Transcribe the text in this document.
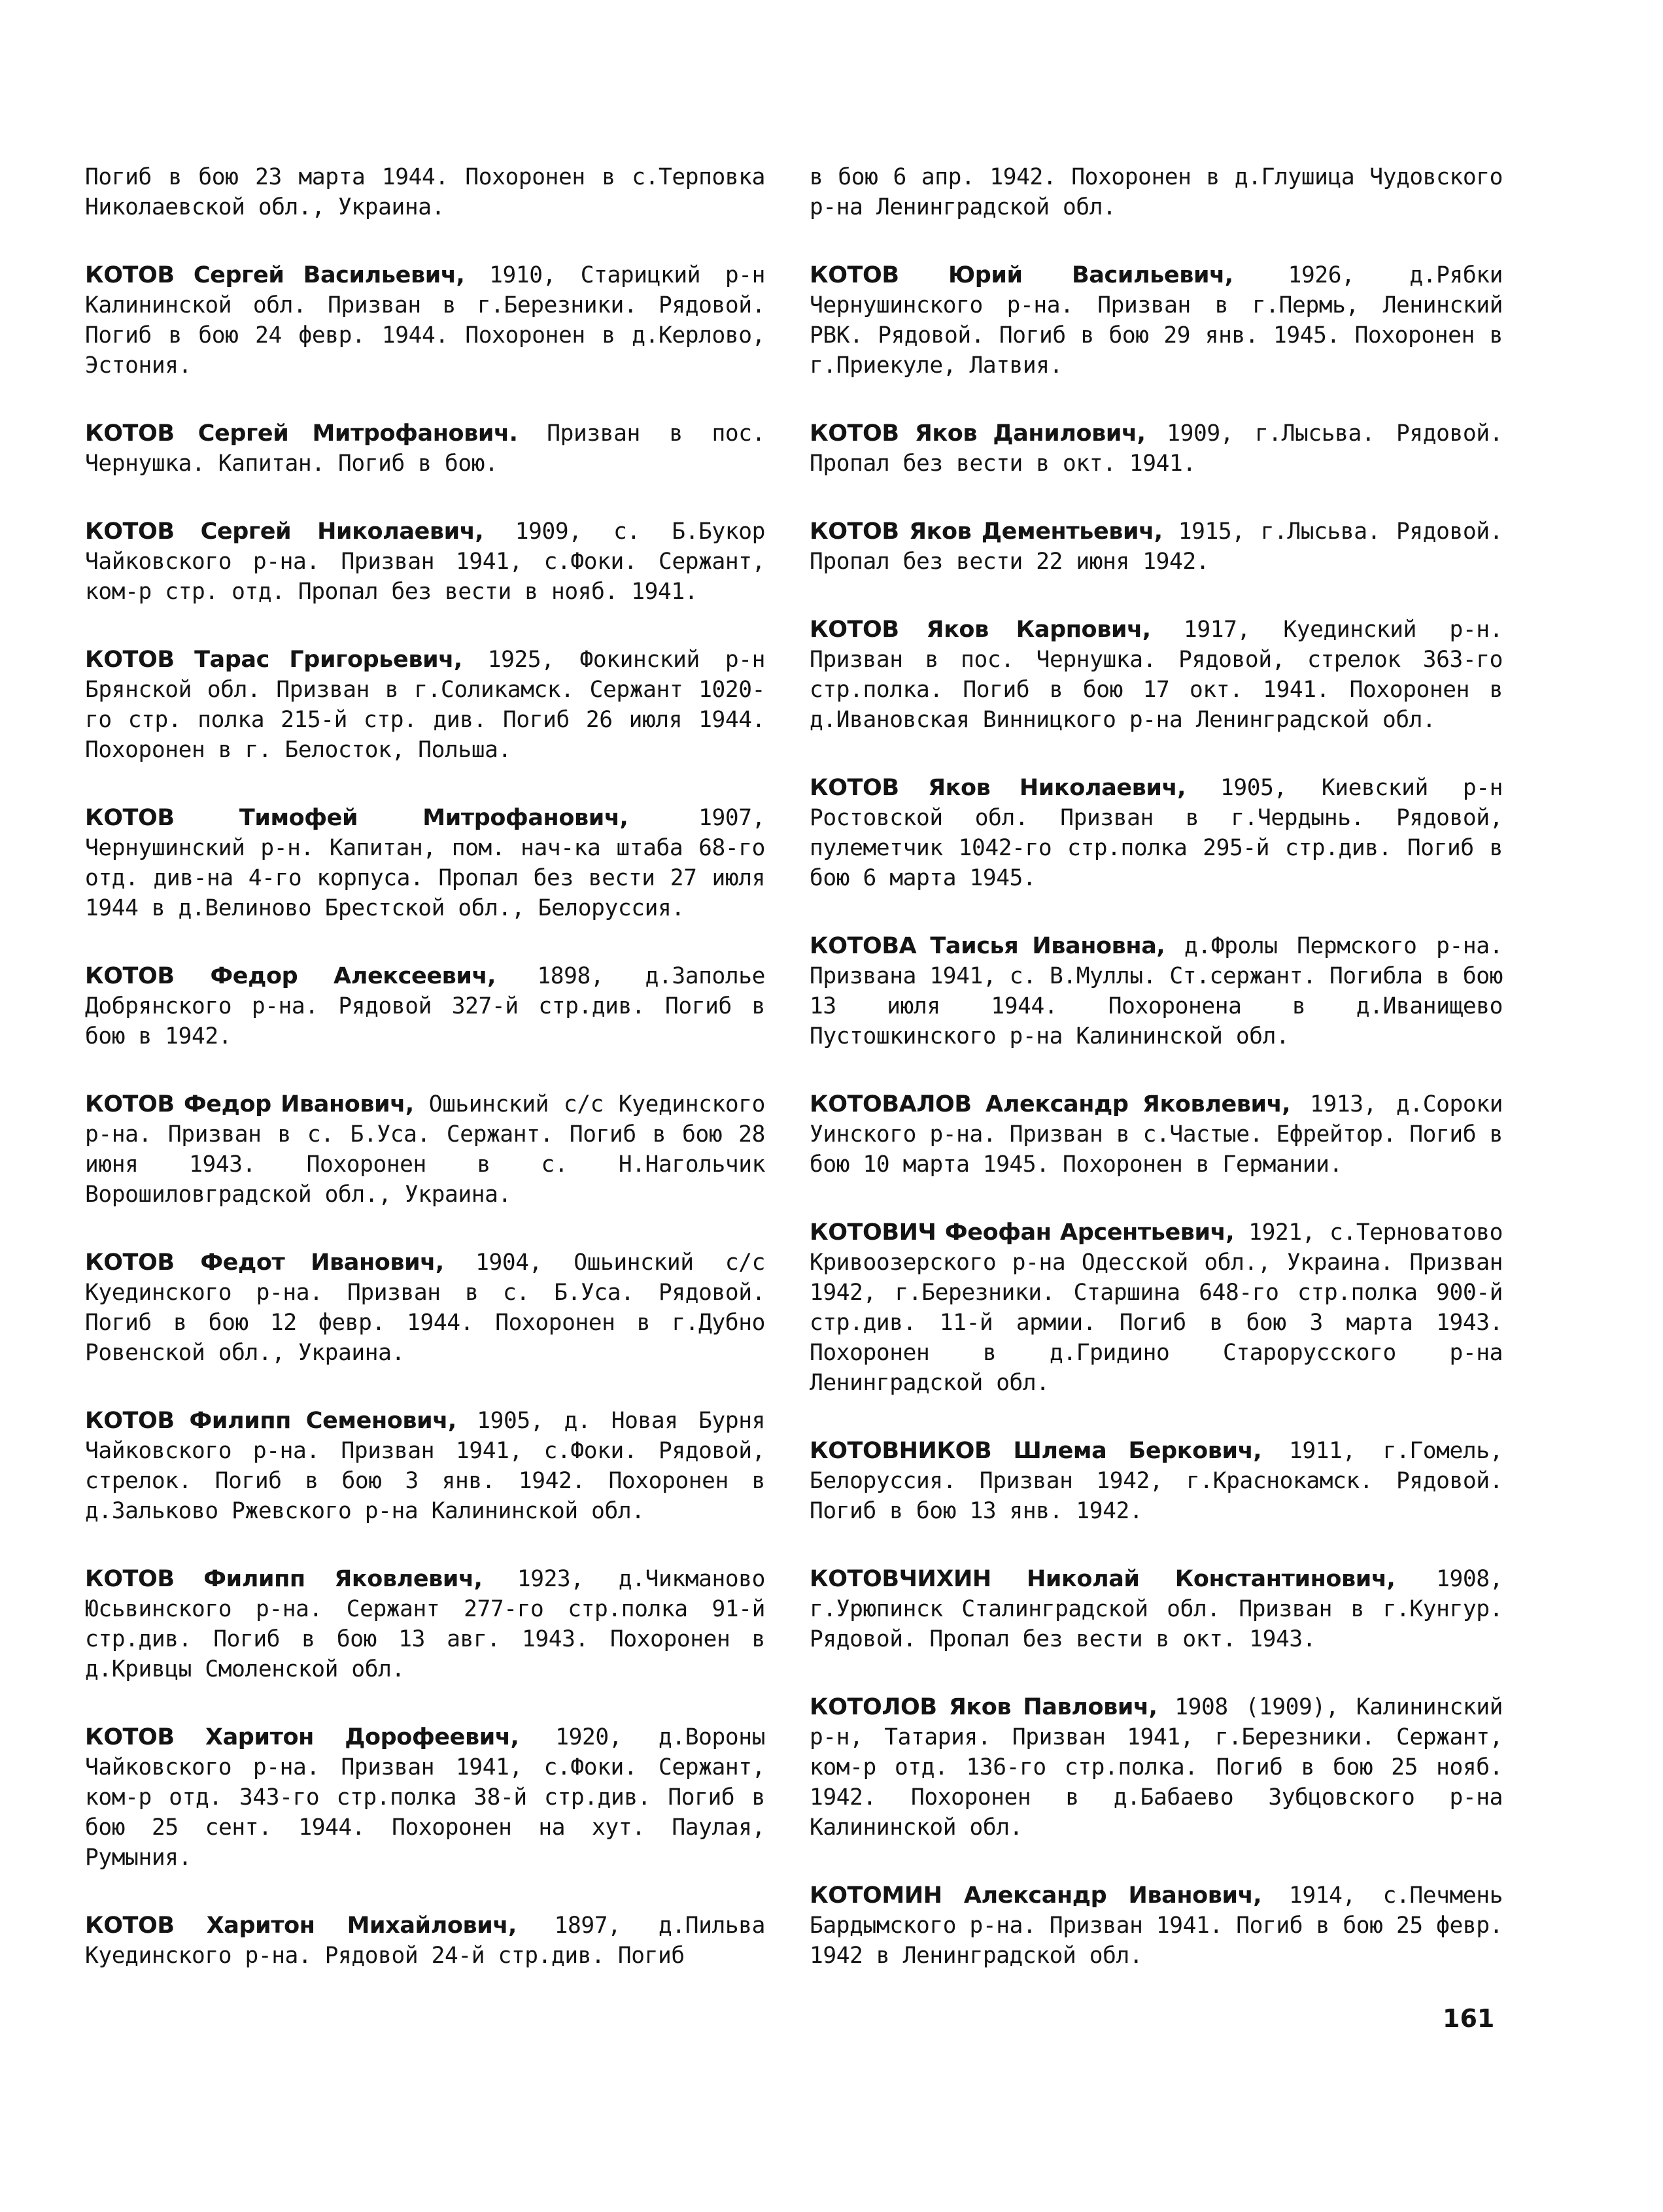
Погиб в бою 23 марта 1944. Похоронен в с.Терповка Николаевской обл., Украина.

КОТОВ Сергей Васильевич, 1910, Старицкий р-н Калининской обл. Призван в г.Березники. Рядовой. Погиб в бою 24 февр. 1944. Похоронен в д.Керлово, Эстония.

КОТОВ Сергей Митрофанович. Призван в пос. Чернушка. Капитан. Погиб в бою.

КОТОВ Сергей Николаевич, 1909, с. Б.Букор Чайковского р-на. Призван 1941, с.Фоки. Сержант, ком-р стр. отд. Пропал без вести в нояб. 1941.

КОТОВ Тарас Григорьевич, 1925, Фокинский р-н Брянской обл. Призван в г.Соликамск. Сержант 1020-го стр. полка 215-й стр. див. Погиб 26 июля 1944. Похоронен в г. Белосток, Польша.

КОТОВ Тимофей Митрофанович, 1907, Чернушинский р-н. Капитан, пом. нач-ка штаба 68-го отд. див-на 4-го корпуса. Пропал без вести 27 июля 1944 в д.Велиново Брестской обл., Белоруссия.

КОТОВ Федор Алексеевич, 1898, д.Заполье Добрянского р-на. Рядовой 327-й стр.див. Погиб в бою в 1942.

КОТОВ Федор Иванович, Ошьинский с/с Куединского р-на. Призван в с. Б.Уса. Сержант. Погиб в бою 28 июня 1943. Похоронен в с. Н.Нагольчик Ворошиловградской обл., Украина.

КОТОВ Федот Иванович, 1904, Ошьинский с/с Куединского р-на. Призван в с. Б.Уса. Рядовой. Погиб в бою 12 февр. 1944. Похоронен в г.Дубно Ровенской обл., Украина.

КОТОВ Филипп Семенович, 1905, д. Новая Бурня Чайковского р-на. Призван 1941, с.Фоки. Рядовой, стрелок. Погиб в бою 3 янв. 1942. Похоронен в д.Зальково Ржевского р-на Калининской обл.

КОТОВ Филипп Яковлевич, 1923, д.Чикманово Юсьвинского р-на. Сержант 277-го стр.полка 91-й стр.див. Погиб в бою 13 авг. 1943. Похоронен в д.Кривцы Смоленской обл.

КОТОВ Харитон Дорофеевич, 1920, д.Вороны Чайковского р-на. Призван 1941, с.Фоки. Сержант, ком-р отд. 343-го стр.полка 38-й стр.див. Погиб в бою 25 сент. 1944. Похоронен на хут. Паулая, Румыния.

КОТОВ Харитон Михайлович, 1897, д.Пильва Куединского р-на. Рядовой 24-й стр.див. Погиб

в бою 6 апр. 1942. Похоронен в д.Глушица Чудовского р-на Ленинградской обл.

КОТОВ Юрий Васильевич, 1926, д.Рябки Чернушинского р-на. Призван в г.Пермь, Ленинский РВК. Рядовой. Погиб в бою 29 янв. 1945. Похоронен в г.Приекуле, Латвия.

КОТОВ Яков Данилович, 1909, г.Лысьва. Рядовой. Пропал без вести в окт. 1941.

КОТОВ Яков Дементьевич, 1915, г.Лысьва. Рядовой. Пропал без вести 22 июня 1942.

КОТОВ Яков Карпович, 1917, Куединский р-н. Призван в пос. Чернушка. Рядовой, стрелок 363-го стр.полка. Погиб в бою 17 окт. 1941. Похоронен в д.Ивановская Винницкого р-на Ленинградской обл.

КОТОВ Яков Николаевич, 1905, Киевский р-н Ростовской обл. Призван в г.Чердынь. Рядовой, пулеметчик 1042-го стр.полка 295-й стр.див. Погиб в бою 6 марта 1945.

КОТОВА Таисья Ивановна, д.Фролы Пермского р-на. Призвана 1941, с. В.Муллы. Ст.сержант. Погибла в бою 13 июля 1944. Похоронена в д.Иванищево Пустошкинского р-на Калининской обл.

КОТОВАЛОВ Александр Яковлевич, 1913, д.Сороки Уинского р-на. Призван в с.Частые. Ефрейтор. Погиб в бою 10 марта 1945. Похоронен в Германии.

КОТОВИЧ Феофан Арсентьевич, 1921, с.Терноватово Кривоозерского р-на Одесской обл., Украина. Призван 1942, г.Березники. Старшина 648-го стр.полка 900-й стр.див. 11-й армии. Погиб в бою 3 марта 1943. Похоронен в д.Гридино Старорусского р-на Ленинградской обл.

КОТОВНИКОВ Шлема Беркович, 1911, г.Гомель, Белоруссия. Призван 1942, г.Краснокамск. Рядовой. Погиб в бою 13 янв. 1942.

КОТОВЧИХИН Николай Константинович, 1908, г.Урюпинск Сталинградской обл. Призван в г.Кунгур. Рядовой. Пропал без вести в окт. 1943.

КОТОЛОВ Яков Павлович, 1908 (1909), Калининский р-н, Татария. Призван 1941, г.Березники. Сержант, ком-р отд. 136-го стр.полка. Погиб в бою 25 нояб. 1942. Похоронен в д.Бабаево Зубцовского р-на Калининской обл.

КОТОМИН Александр Иванович, 1914, с.Печмень Бардымского р-на. Призван 1941. Погиб в бою 25 февр. 1942 в Ленинградской обл.

161
